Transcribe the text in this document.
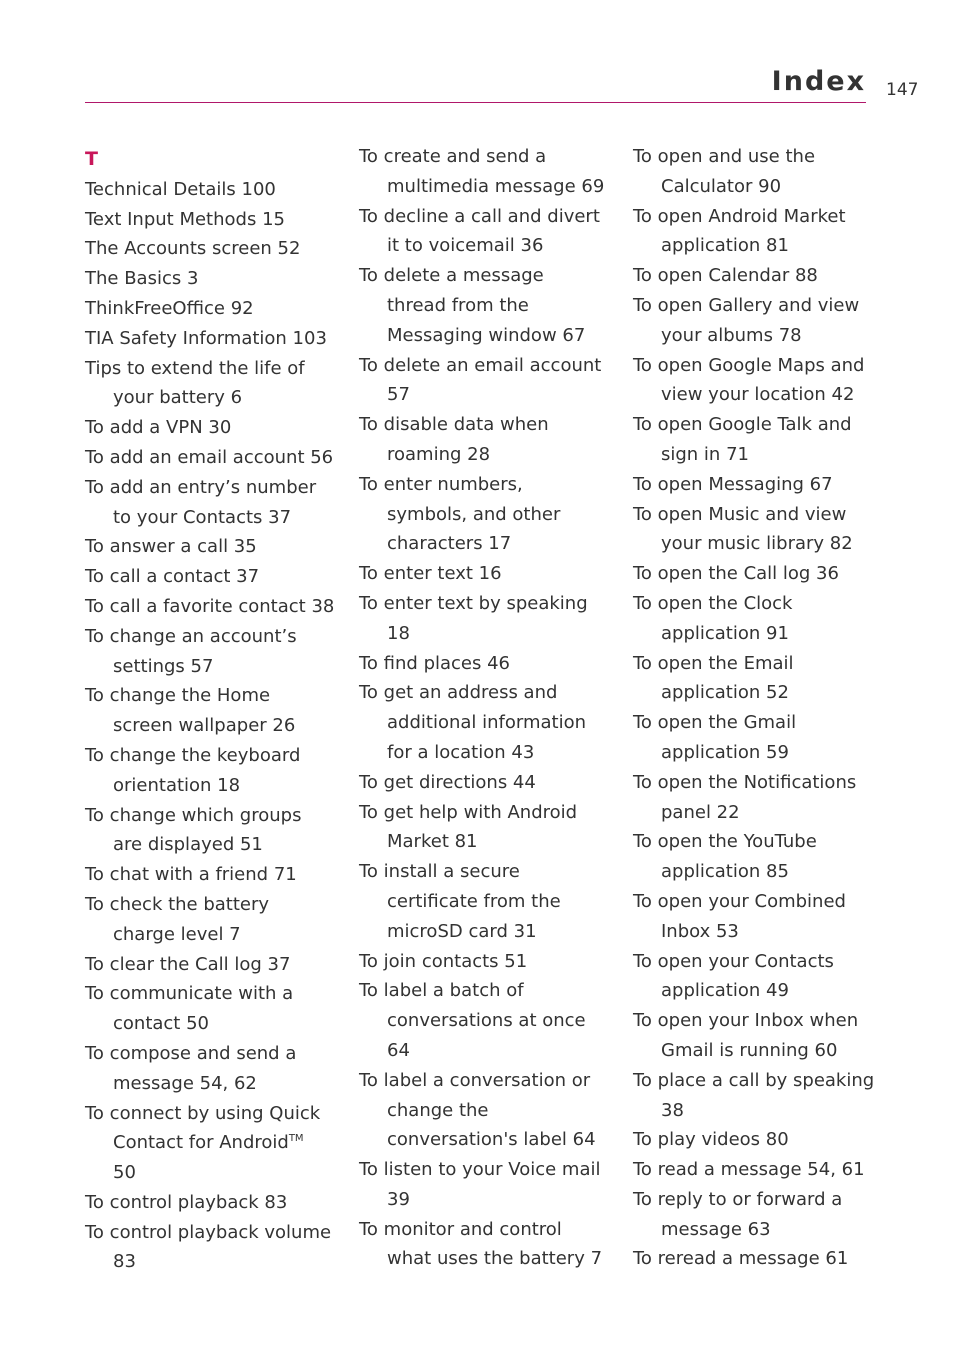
Index 147
T
Technical Details 100
Text Input Methods 15
The Accounts screen 52
The Basics 3
ThinkFreeOffice 92
TIA Safety Information 103
Tips to extend the life of
your battery 6
To add a VPN 30
To add an email account 56
To add an entry’s number
to your Contacts 37
To answer a call 35
To call a contact 37
To call a favorite contact 38
To change an account’s
settings 57
To change the Home
screen wallpaper 26
To change the keyboard
orientation 18
To change which groups
are displayed 51
To chat with a friend 71
To check the battery
charge level 7
To clear the Call log 37
To communicate with a
contact 50
To compose and send a
message 54, 62
To connect by using Quick
Contact for Android™
50
To control playback 83
To control playback volume
83
To create and send a
multimedia message 69
To decline a call and divert
it to voicemail 36
To delete a message
thread from the
Messaging window 67
To delete an email account
57
To disable data when
roaming 28
To enter numbers,
symbols, and other
characters 17
To enter text 16
To enter text by speaking
18
To find places 46
To get an address and
additional information
for a location 43
To get directions 44
To get help with Android
Market 81
To install a secure
certificate from the
microSD card 31
To join contacts 51
To label a batch of
conversations at once
64
To label a conversation or
change the
conversation's label 64
To listen to your Voice mail
39
To monitor and control
what uses the battery 7
To open and use the
Calculator 90
To open Android Market
application 81
To open Calendar 88
To open Gallery and view
your albums 78
To open Google Maps and
view your location 42
To open Google Talk and
sign in 71
To open Messaging 67
To open Music and view
your music library 82
To open the Call log 36
To open the Clock
application 91
To open the Email
application 52
To open the Gmail
application 59
To open the Notifications
panel 22
To open the YouTube
application 85
To open your Combined
Inbox 53
To open your Contacts
application 49
To open your Inbox when
Gmail is running 60
To place a call by speaking
38
To play videos 80
To read a message 54, 61
To reply to or forward a
message 63
To reread a message 61
